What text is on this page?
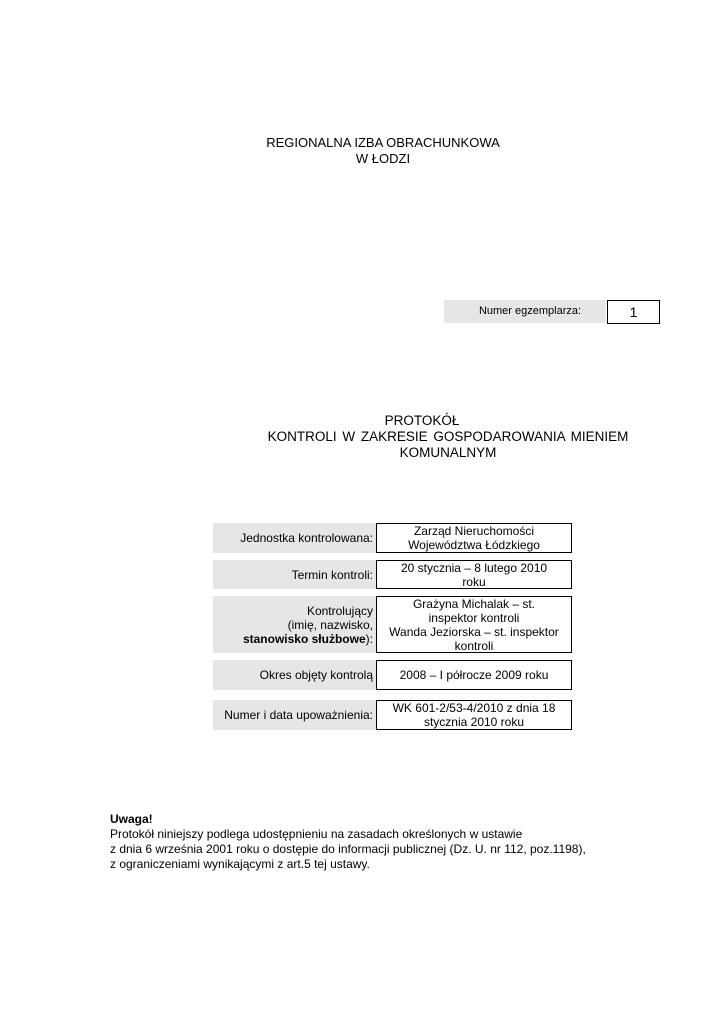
REGIONALNA IZBA OBRACHUNKOWA
W ŁODZI
Numer egzemplarza:	1
PROTOKÓŁ
KONTROLI W ZAKRESIE GOSPODAROWANIA MIENIEM
KOMUNALNYM
Jednostka kontrolowana:	Zarząd Nieruchomości
Województwa Łódzkiego
Termin kontroli: 20 stycznia – 8 lutego 2010
roku
Kontrolujący
(imię, nazwisko,
stanowisko służbowe):
Grażyna Michalak – st.
inspektor kontroli
Wanda Jeziorska – st. inspektor
kontroli
Okres objęty kontrolą 2008 – I półrocze 2009 roku
Numer i data upoważnienia: WK 601-2/53-4/2010 z dnia 18
stycznia 2010 roku
Uwaga!
Protokół niniejszy podlega udostępnieniu na zasadach określonych w ustawie
z dnia 6 września 2001 roku o dostępie do informacji publicznej (Dz. U. nr 112, poz.1198),
z ograniczeniami wynikającymi z art.5 tej ustawy.
